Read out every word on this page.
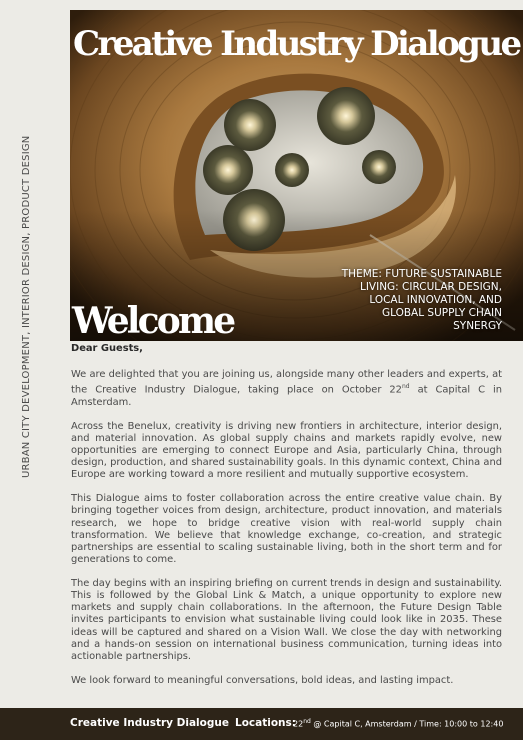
URBAN CITY DEVELOPMENT, INTERIOR DESIGN, PRODUCT DESIGN
Creative Industry Dialogue
THEME: FUTURE SUSTAINABLE LIVING: CIRCULAR DESIGN, LOCAL INNOVATION, AND GLOBAL SUPPLY CHAIN SYNERGY
Welcome

Dear Guests,

We are delighted that you are joining us, alongside many other leaders and experts, at the Creative Industry Dialogue, taking place on October 22nd at Capital C in Amsterdam.

Across the Benelux, creativity is driving new frontiers in architecture, interior design, and material innovation. As global supply chains and markets rapidly evolve, new opportunities are emerging to connect Europe and Asia, particularly China, through design, production, and shared sustainability goals. In this dynamic context, China and Europe are working toward a more resilient and mutually supportive ecosystem.

This Dialogue aims to foster collaboration across the entire creative value chain. By bringing together voices from design, architecture, product innovation, and materials research, we hope to bridge creative vision with real-world supply chain transformation. We believe that knowledge exchange, co-creation, and strategic partnerships are essential to scaling sustainable living, both in the short term and for generations to come.

The day begins with an inspiring briefing on current trends in design and sustainability. This is followed by the Global Link & Match, a unique opportunity to explore new markets and supply chain collaborations. In the afternoon, the Future Design Table invites participants to envision what sustainable living could look like in 2035. These ideas will be captured and shared on a Vision Wall. We close the day with networking and a hands-on session on international business communication, turning ideas into actionable partnerships.

We look forward to meaningful conversations, bold ideas, and lasting impact.

Creative Industry Dialogue Locations:
22nd @ Capital C, Amsterdam / Time: 10:00 to 12:40
